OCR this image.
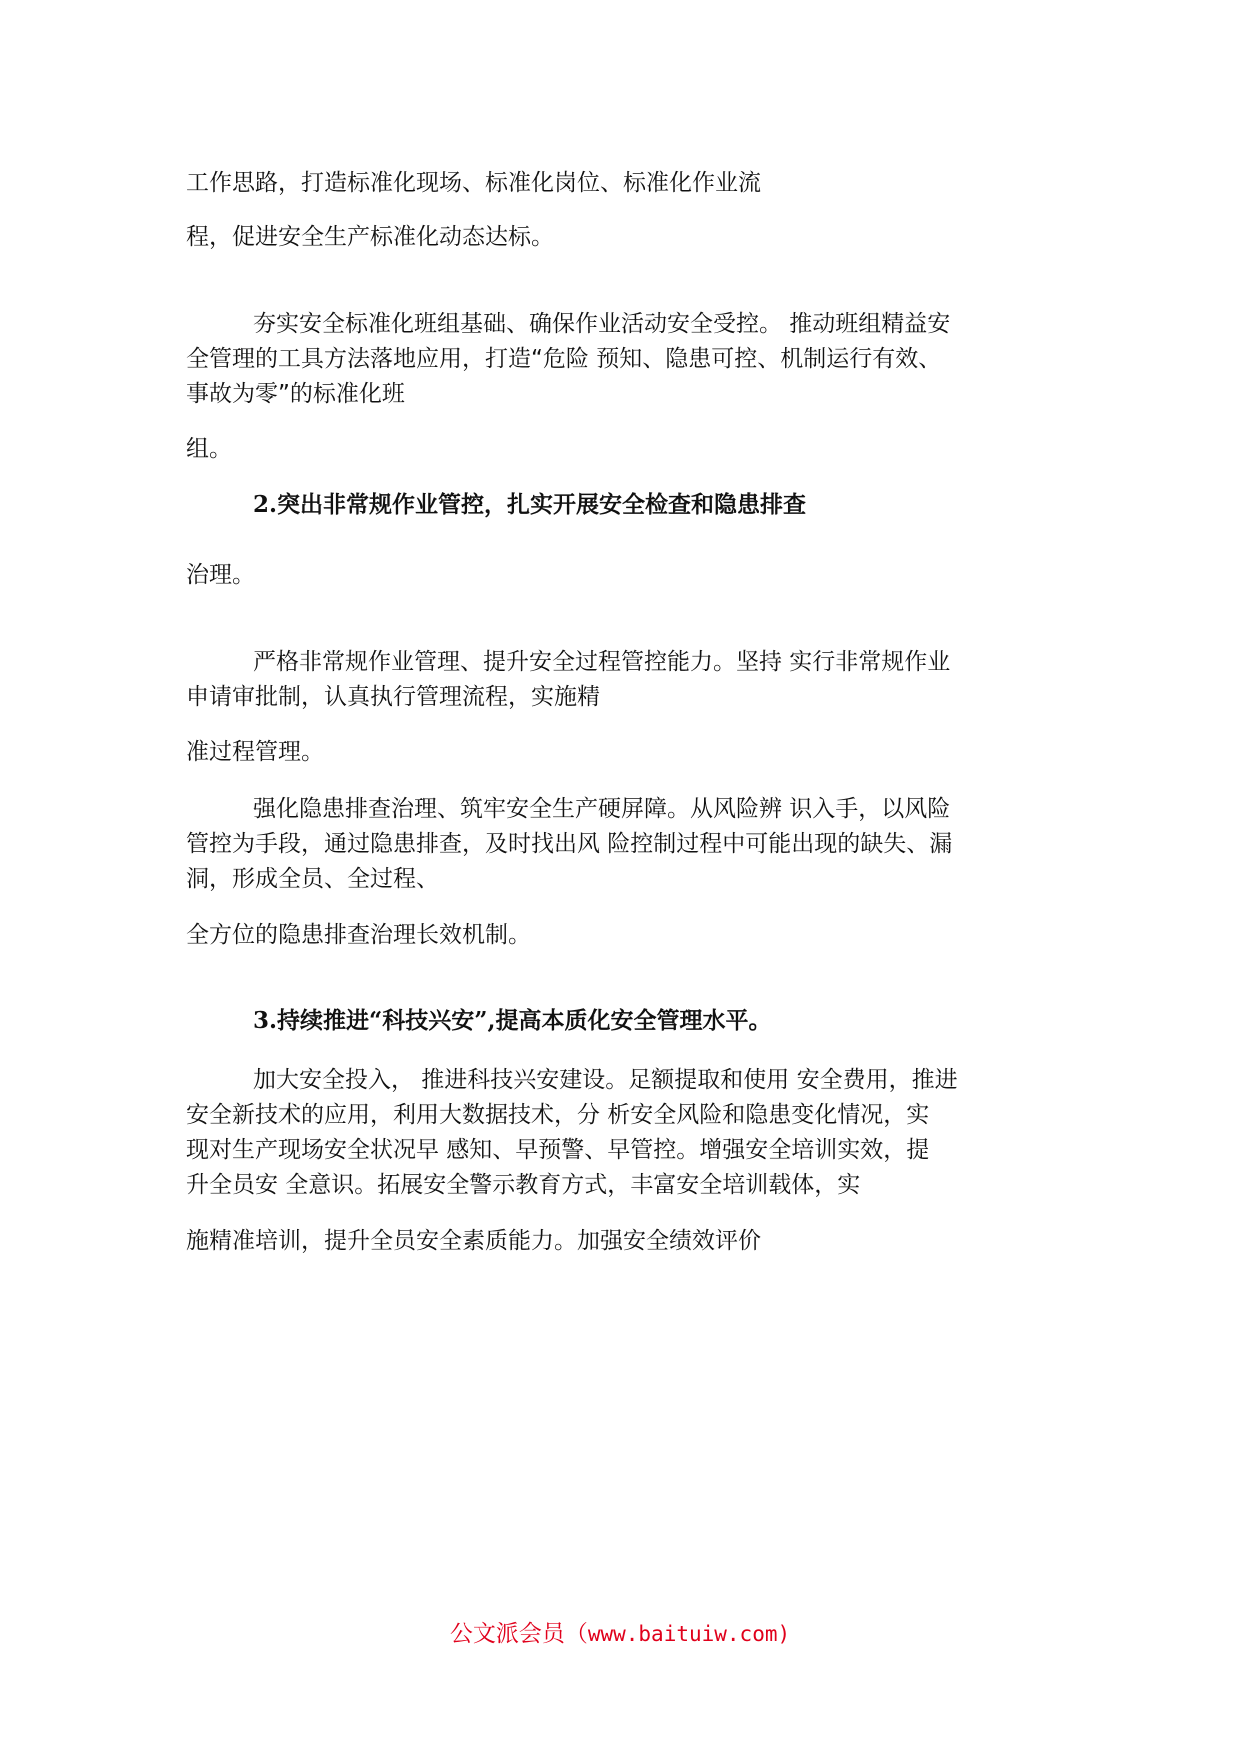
工作思路，打造标准化现场、标准化岗位、标准化作业流
程，促进安全生产标准化动态达标。
夯实安全标准化班组基础、确保作业活动安全受控。 推动班组精益安
全管理的工具方法落地应用，打造“危险 预知、隐患可控、机制运行有效、
事故为零”的标准化班
组。
2.突出非常规作业管控，扎实开展安全检查和隐患排查
治理。
严格非常规作业管理、提升安全过程管控能力。坚持 实行非常规作业
申请审批制，认真执行管理流程，实施精
准过程管理。
强化隐患排查治理、筑牢安全生产硬屏障。从风险辨 识入手，以风险
管控为手段，通过隐患排查，及时找出风 险控制过程中可能出现的缺失、漏
洞，形成全员、全过程、
全方位的隐患排查治理长效机制。
3.持续推进“科技兴安”,提高本质化安全管理水平。
加大安全投入， 推进科技兴安建设。足额提取和使用 安全费用，推进
安全新技术的应用，利用大数据技术，分 析安全风险和隐患变化情况，实
现对生产现场安全状况早 感知、早预警、早管控。增强安全培训实效，提
升全员安 全意识。拓展安全警示教育方式，丰富安全培训载体，实
施精准培训，提升全员安全素质能力。加强安全绩效评价
公文派会员（www.baituiw.com)
